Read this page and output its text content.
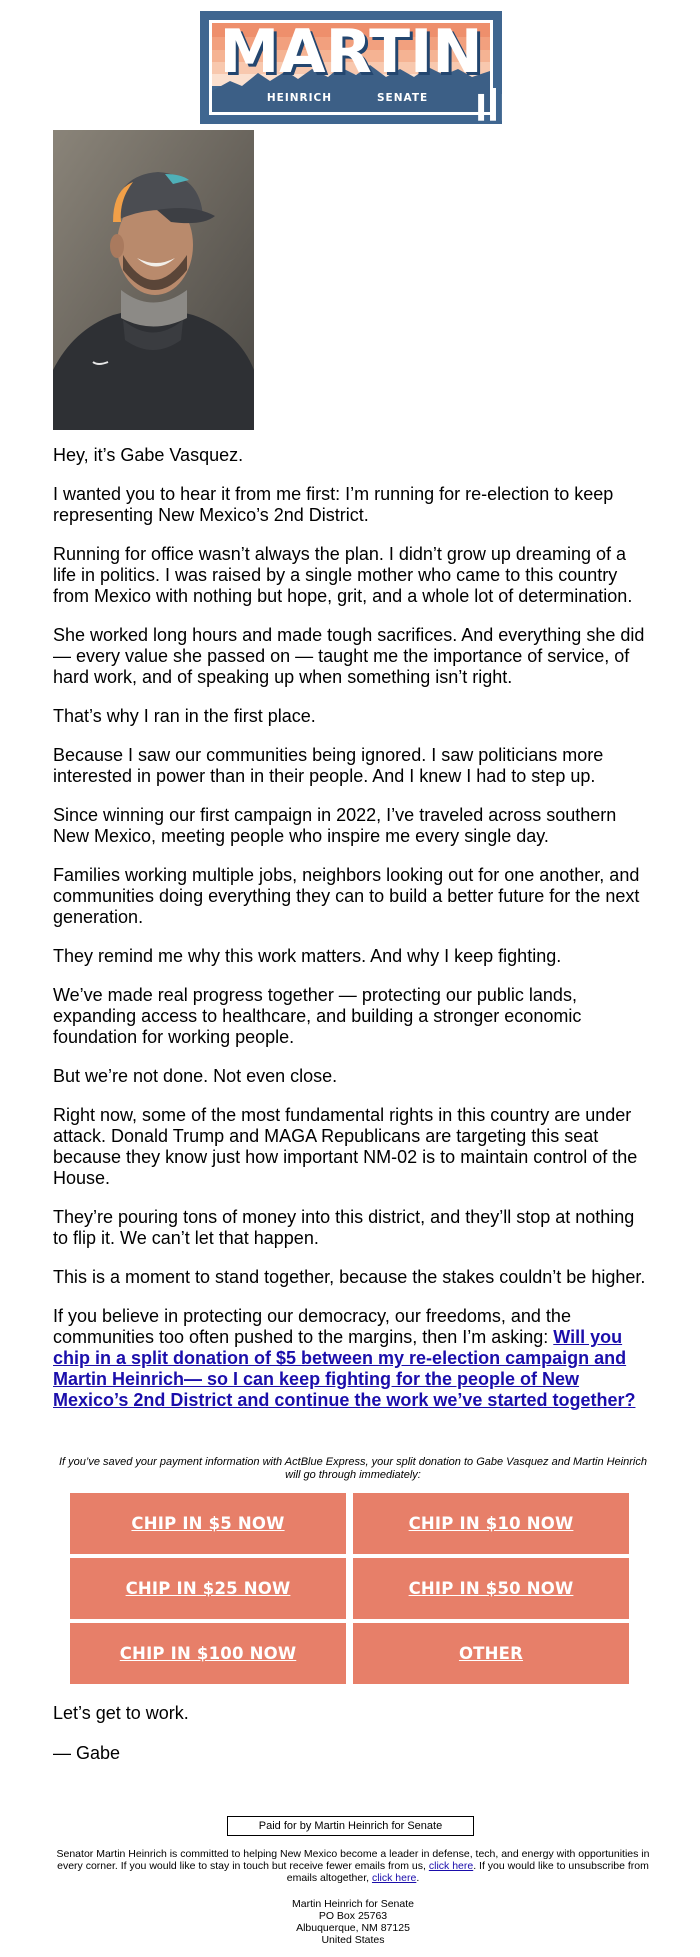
MARTIN
HEINRICH	SENATE

Hey, it’s Gabe Vasquez.

I wanted you to hear it from me first: I’m running for re-election to keep representing New Mexico’s 2nd District.

Running for office wasn’t always the plan. I didn’t grow up dreaming of a life in politics. I was raised by a single mother who came to this country from Mexico with nothing but hope, grit, and a whole lot of determination.

She worked long hours and made tough sacrifices. And everything she did — every value she passed on — taught me the importance of service, of hard work, and of speaking up when something isn’t right.

That’s why I ran in the first place.

Because I saw our communities being ignored. I saw politicians more interested in power than in their people. And I knew I had to step up.

Since winning our first campaign in 2022, I’ve traveled across southern New Mexico, meeting people who inspire me every single day.

Families working multiple jobs, neighbors looking out for one another, and communities doing everything they can to build a better future for the next generation.

They remind me why this work matters. And why I keep fighting.

We’ve made real progress together — protecting our public lands, expanding access to healthcare, and building a stronger economic foundation for working people.

But we’re not done. Not even close.

Right now, some of the most fundamental rights in this country are under attack. Donald Trump and MAGA Republicans are targeting this seat because they know just how important NM-02 is to maintain control of the House.

They’re pouring tons of money into this district, and they’ll stop at nothing to flip it. We can’t let that happen.

This is a moment to stand together, because the stakes couldn’t be higher.

If you believe in protecting our democracy, our freedoms, and the communities too often pushed to the margins, then I’m asking: Will you chip in a split donation of $5 between my re-election campaign and Martin Heinrich— so I can keep fighting for the people of New Mexico’s 2nd District and continue the work we’ve started together?

If you’ve saved your payment information with ActBlue Express, your split donation to Gabe Vasquez and Martin Heinrich will go through immediately:
CHIP IN $5 NOW	CHIP IN $10 NOW
CHIP IN $25 NOW	CHIP IN $50 NOW
CHIP IN $100 NOW	OTHER

Let’s get to work.

— Gabe

Paid for by Martin Heinrich for Senate
Senator Martin Heinrich is committed to helping New Mexico become a leader in defense, tech, and energy with opportunities in every corner. If you would like to stay in touch but receive fewer emails from us, click here. If you would like to unsubscribe from emails altogether, click here.
Martin Heinrich for Senate
PO Box 25763
Albuquerque, NM 87125
United States
